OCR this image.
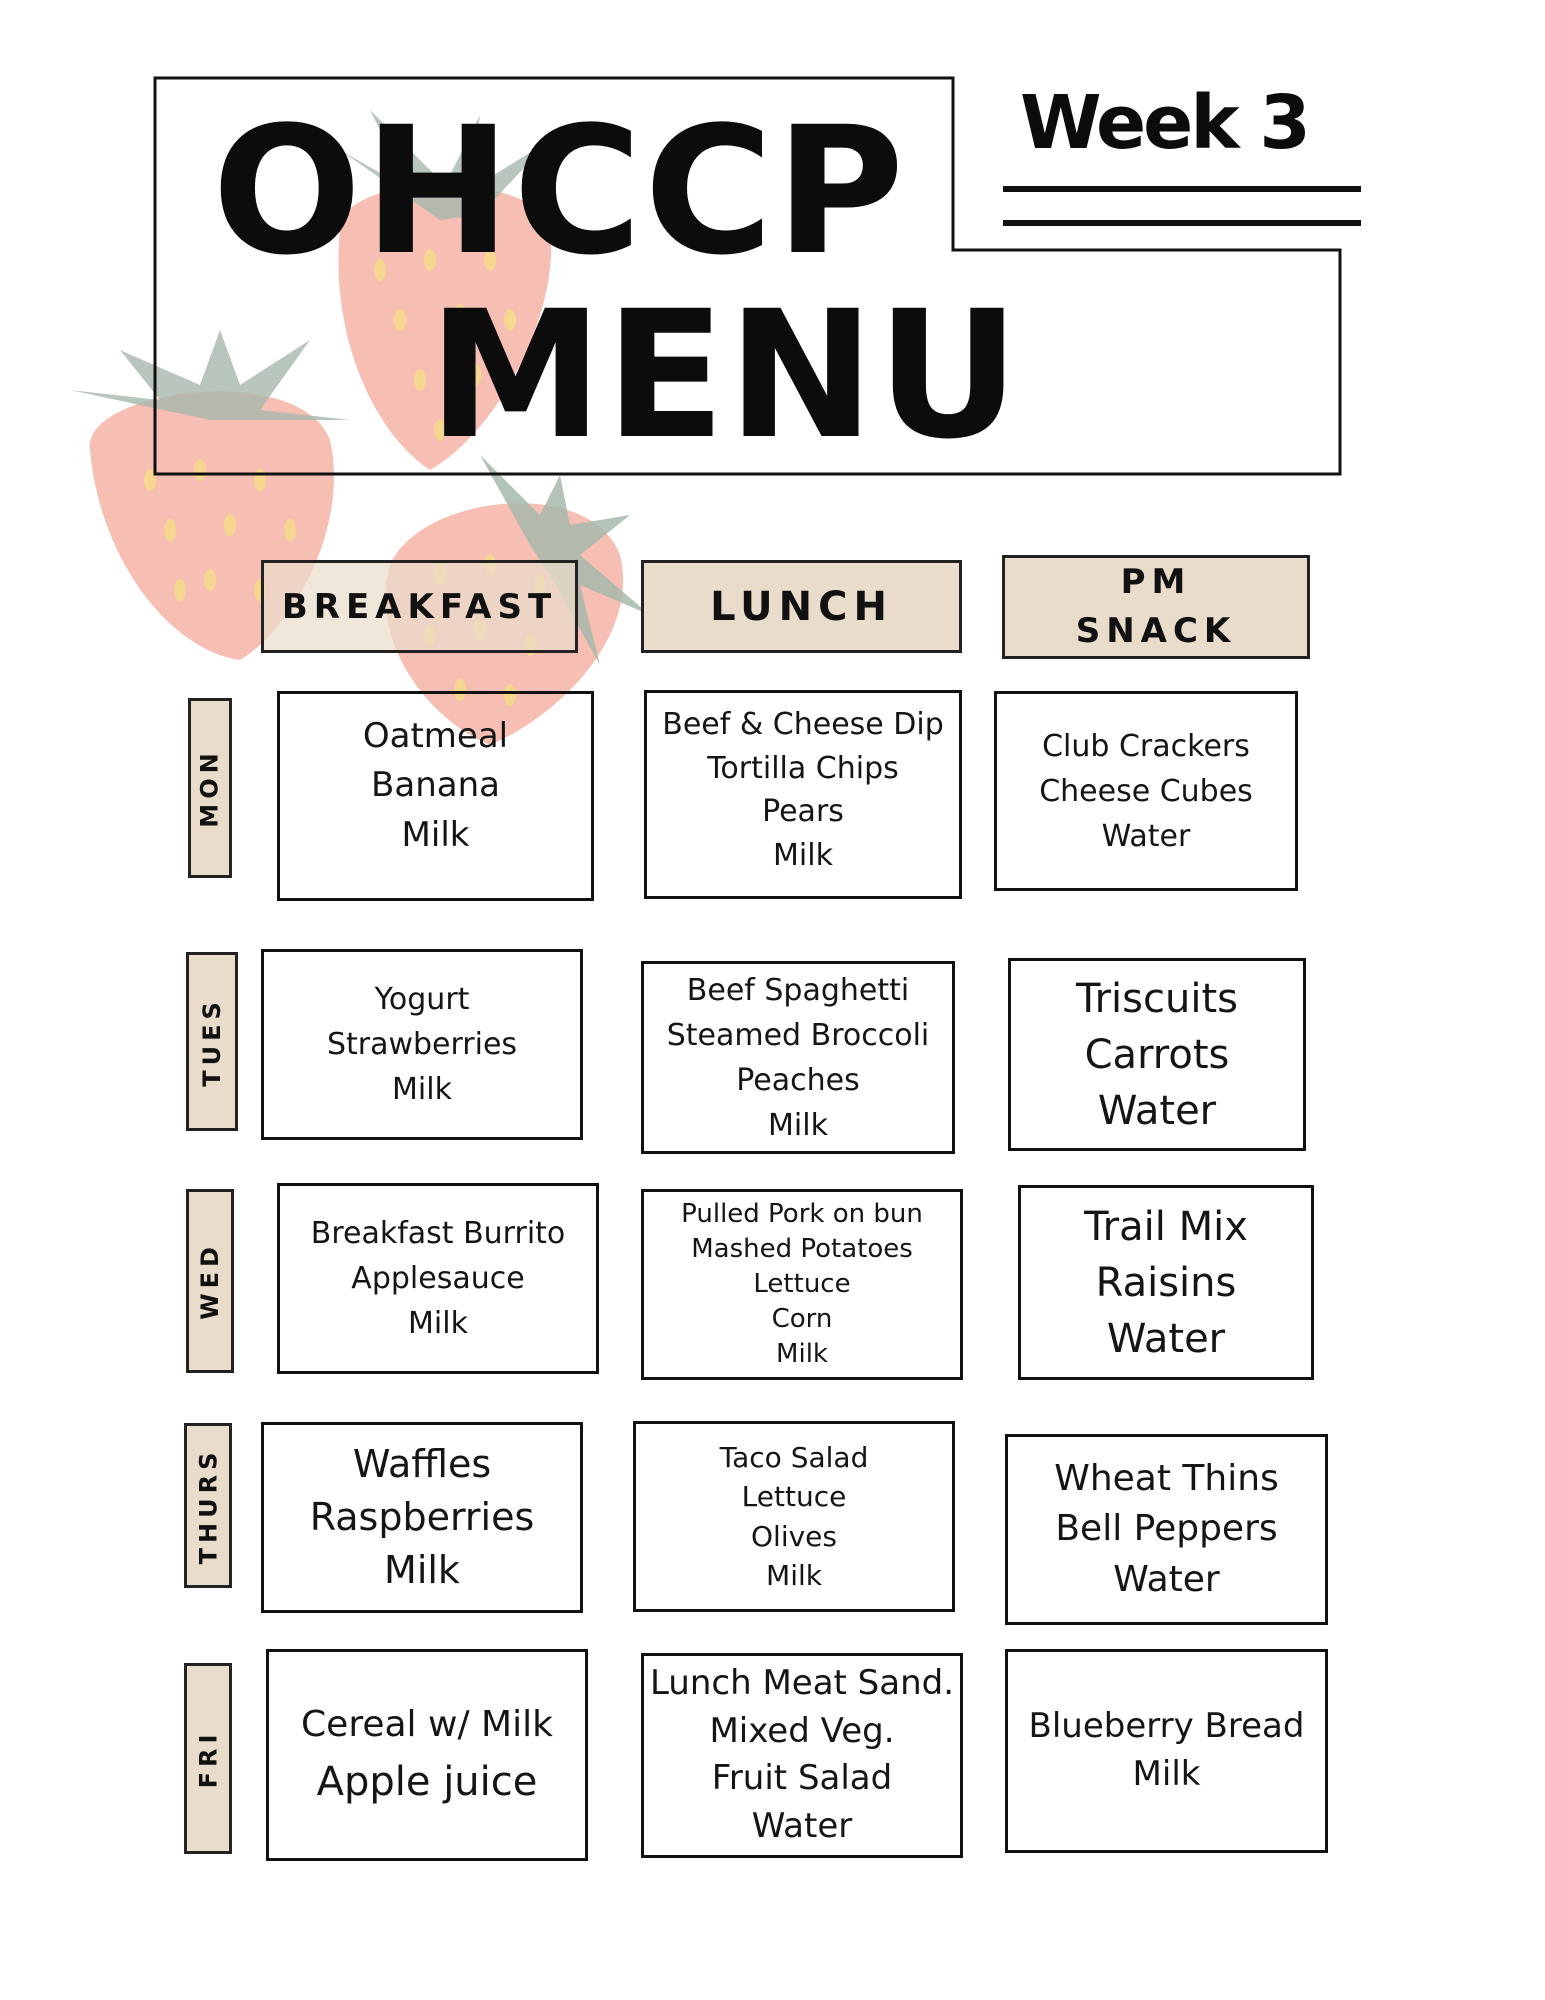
OHCCP
MENU
Week 3
BREAKFAST	LUNCH
PM
SNACK
MON
TUES
WED
THURS
FRI
Oatmeal
Banana
Milk
Beef & Cheese Dip
Tortilla Chips
Pears
Milk
Club Crackers
Cheese Cubes
Water
Yogurt
Strawberries
Milk
Beef Spaghetti
Steamed Broccoli
Peaches
Milk
Triscuits
Carrots
Water
Breakfast Burrito
Applesauce
Milk
Pulled Pork on bun
Mashed Potatoes
Lettuce
Corn
Milk
Trail Mix
Raisins
Water
Waffles
Raspberries
Milk
Taco Salad
Lettuce
Olives
Milk
Wheat Thins
Bell Peppers
Water
Cereal w/ Milk
Apple juice
Lunch Meat Sand.
Mixed Veg.
Fruit Salad
Water
Blueberry Bread
Milk
